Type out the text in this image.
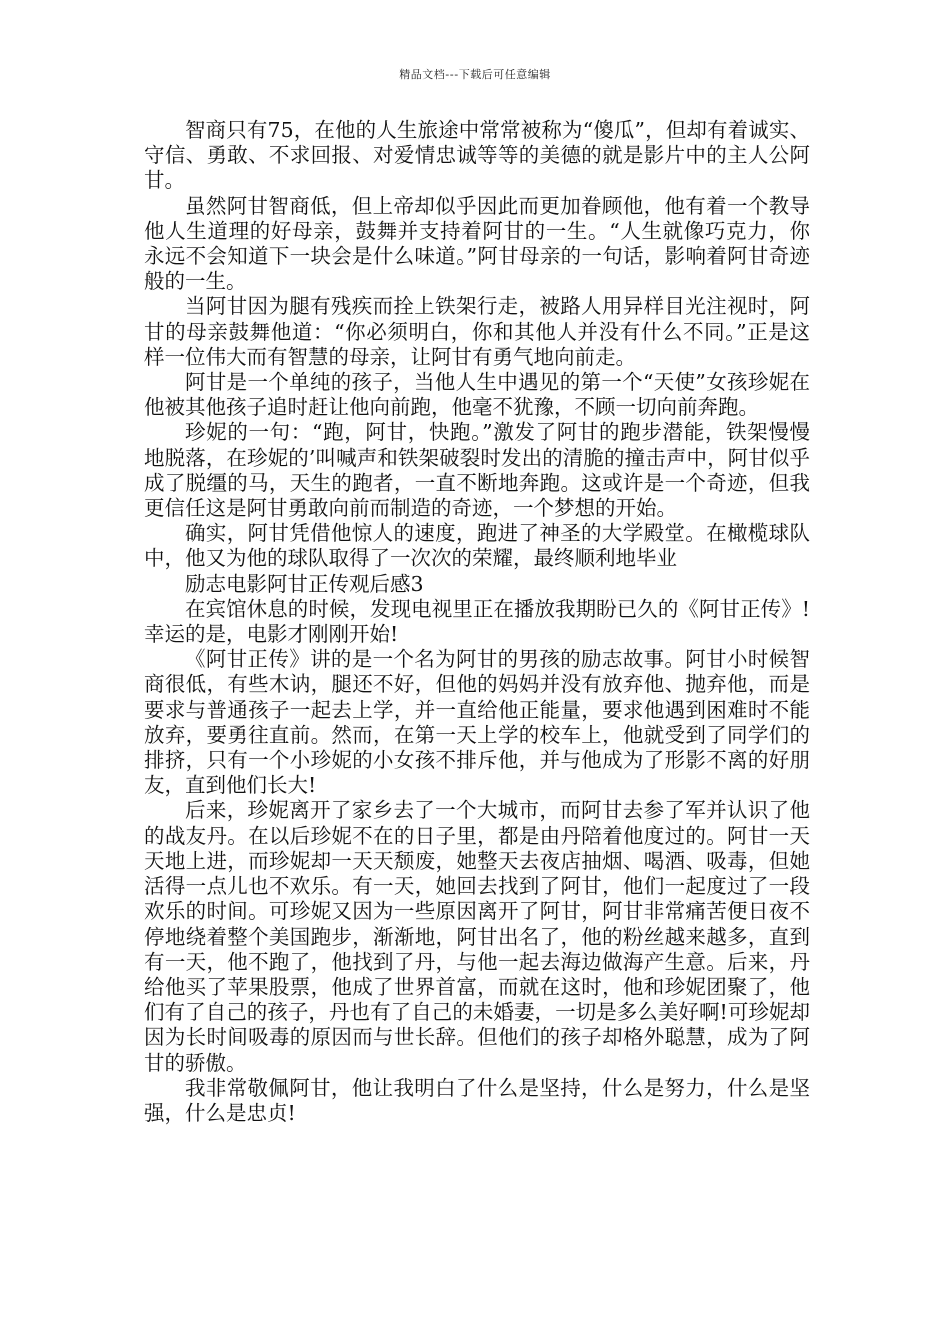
精品文档---下载后可任意编辑

智商只有75，在他的人生旅途中常常被称为“傻瓜”，但却有着诚实、守信、勇敢、不求回报、对爱情忠诚等等的美德的就是影片中的主人公阿甘。

虽然阿甘智商低，但上帝却似乎因此而更加眷顾他，他有着一个教导他人生道理的好母亲，鼓舞并支持着阿甘的一生。“人生就像巧克力，你永远不会知道下一块会是什么味道。”阿甘母亲的一句话，影响着阿甘奇迹般的一生。

当阿甘因为腿有残疾而拴上铁架行走，被路人用异样目光注视时，阿甘的母亲鼓舞他道：“你必须明白，你和其他人并没有什么不同。”正是这样一位伟大而有智慧的母亲，让阿甘有勇气地向前走。

阿甘是一个单纯的孩子，当他人生中遇见的第一个“天使”女孩珍妮在他被其他孩子追时赶让他向前跑，他毫不犹豫，不顾一切向前奔跑。

珍妮的一句：“跑，阿甘，快跑。”激发了阿甘的跑步潜能，铁架慢慢地脱落，在珍妮的’叫喊声和铁架破裂时发出的清脆的撞击声中，阿甘似乎成了脱缰的马，天生的跑者，一直不断地奔跑。这或许是一个奇迹，但我更信任这是阿甘勇敢向前而制造的奇迹，一个梦想的开始。

确实，阿甘凭借他惊人的速度，跑进了神圣的大学殿堂。在橄榄球队中，他又为他的球队取得了一次次的荣耀，最终顺利地毕业

励志电影阿甘正传观后感3

在宾馆休息的时候，发现电视里正在播放我期盼已久的《阿甘正传》!幸运的是，电影才刚刚开始!

《阿甘正传》讲的是一个名为阿甘的男孩的励志故事。阿甘小时候智商很低，有些木讷，腿还不好，但他的妈妈并没有放弃他、抛弃他，而是要求与普通孩子一起去上学，并一直给他正能量，要求他遇到困难时不能放弃，要勇往直前。然而，在第一天上学的校车上，他就受到了同学们的排挤，只有一个小珍妮的小女孩不排斥他，并与他成为了形影不离的好朋友，直到他们长大!

后来，珍妮离开了家乡去了一个大城市，而阿甘去参了军并认识了他的战友丹。在以后珍妮不在的日子里，都是由丹陪着他度过的。阿甘一天天地上进，而珍妮却一天天颓废，她整天去夜店抽烟、喝酒、吸毒，但她活得一点儿也不欢乐。有一天，她回去找到了阿甘，他们一起度过了一段欢乐的时间。可珍妮又因为一些原因离开了阿甘，阿甘非常痛苦便日夜不停地绕着整个美国跑步，渐渐地，阿甘出名了，他的粉丝越来越多，直到有一天，他不跑了，他找到了丹，与他一起去海边做海产生意。后来，丹给他买了苹果股票，他成了世界首富，而就在这时，他和珍妮团聚了，他们有了自己的孩子，丹也有了自己的未婚妻，一切是多么美好啊!可珍妮却因为长时间吸毒的原因而与世长辞。但他们的孩子却格外聪慧，成为了阿甘的骄傲。

我非常敬佩阿甘，他让我明白了什么是坚持，什么是努力，什么是坚强，什么是忠贞!
